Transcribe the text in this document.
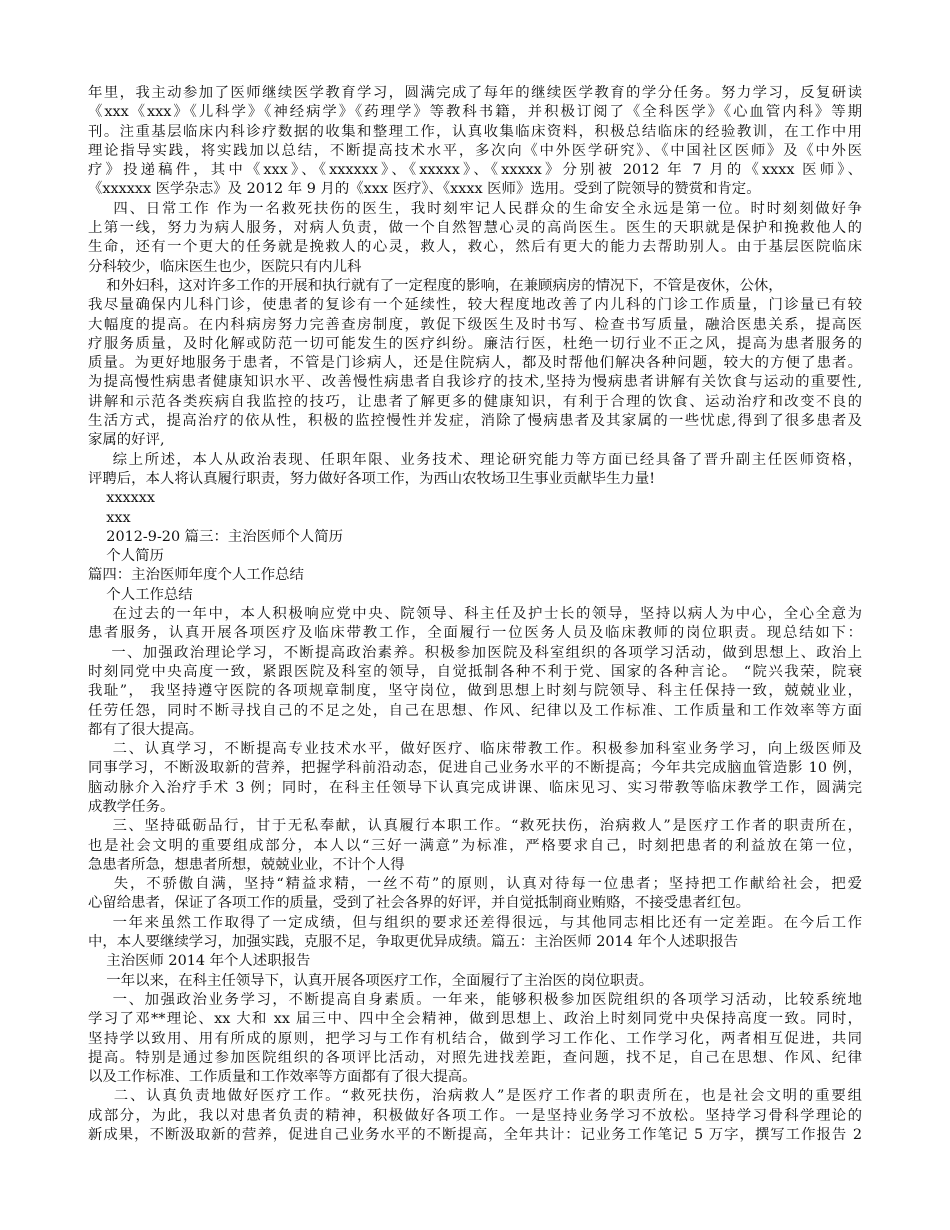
年里，我主动参加了医师继续医学教育学习，圆满完成了每年的继续医学教育的学分任务。努力学习，反复研读
《xxx《xxx》《儿科学》《神经病学》《药理学》等教科书籍，并积极订阅了《全科医学》《心血管内科》等期
刊。注重基层临床内科诊疗数据的收集和整理工作，认真收集临床资料，积极总结临床的经验教训，在工作中用
理论指导实践，将实践加以总结，不断提高技术水平，多次向《中外医学研究》、《中国社区医师》及《中外医
疗》投递稿件，其中《xxx》、《xxxxxx》、《xxxxx》、《xxxxx》分别被 2012 年 7 月的《xxxx 医师》、
《xxxxxx 医学杂志》及 2012 年 9 月的《xxx 医疗》、《xxxx 医师》选用。受到了院领导的赞赏和肯定。
四、日常工作 作为一名救死扶伤的医生，我时刻牢记人民群众的生命安全永远是第一位。时时刻刻做好争
上第一线，努力为病人服务，对病人负责，做一个自然智慧心灵的高尚医生。医生的天职就是保护和挽救他人的
生命，还有一个更大的任务就是挽救人的心灵，救人，救心，然后有更大的能力去帮助别人。由于基层医院临床
分科较少，临床医生也少，医院只有内儿科
和外妇科，这对许多工作的开展和执行就有了一定程度的影响，在兼顾病房的情况下，不管是夜休，公休，
我尽量确保内儿科门诊，使患者的复诊有一个延续性，较大程度地改善了内儿科的门诊工作质量，门诊量已有较
大幅度的提高。在内科病房努力完善查房制度，敦促下级医生及时书写、检查书写质量，融洽医患关系，提高医
疗服务质量，及时化解或防范一切可能发生的医疗纠纷。廉洁行医，杜绝一切行业不正之风，提高为患者服务的
质量。为更好地服务于患者，不管是门诊病人，还是住院病人，都及时帮他们解决各种问题，较大的方便了患者。
为提高慢性病患者健康知识水平、改善慢性病患者自我诊疗的技术,坚持为慢病患者讲解有关饮食与运动的重要性,
讲解和示范各类疾病自我监控的技巧，让患者了解更多的健康知识，有利于合理的饮食、运动治疗和改变不良的
生活方式，提高治疗的依从性，积极的监控慢性并发症，消除了慢病患者及其家属的一些忧虑,得到了很多患者及
家属的好评,
综上所述，本人从政治表现、任职年限、业务技术、理论研究能力等方面已经具备了晋升副主任医师资格，
评聘后，本人将认真履行职责，努力做好各项工作，为西山农牧场卫生事业贡献毕生力量!
xxxxxx
xxx
2012-9-20 篇三：主治医师个人简历
个人简历
篇四：主治医师年度个人工作总结
个人工作总结
在过去的一年中，本人积极响应党中央、院领导、科主任及护士长的领导，坚持以病人为中心，全心全意为
患者服务，认真开展各项医疗及临床带教工作，全面履行一位医务人员及临床教师的岗位职责。现总结如下：
一、加强政治理论学习，不断提高政治素养。积极参加医院及科室组织的各项学习活动，做到思想上、政治上
时刻同党中央高度一致，紧跟医院及科室的领导，自觉抵制各种不利于党、国家的各种言论。 “院兴我荣，院衰
我耻”， 我坚持遵守医院的各项规章制度，坚守岗位，做到思想上时刻与院领导、科主任保持一致，兢兢业业，
任劳任怨，同时不断寻找自己的不足之处，自己在思想、作风、纪律以及工作标准、工作质量和工作效率等方面
都有了很大提高。
二、认真学习，不断提高专业技术水平，做好医疗、临床带教工作。积极参加科室业务学习，向上级医师及
同事学习，不断汲取新的营养，把握学科前沿动态，促进自己业务水平的不断提高；今年共完成脑血管造影 10 例，
脑动脉介入治疗手术 3 例；同时，在科主任领导下认真完成讲课、临床见习、实习带教等临床教学工作，圆满完
成教学任务。
三、坚持砥砺品行，甘于无私奉献，认真履行本职工作。“救死扶伤，治病救人”是医疗工作者的职责所在，
也是社会文明的重要组成部分，本人以“三好一满意”为标准，严格要求自己，时刻把患者的利益放在第一位，
急患者所急，想患者所想，兢兢业业，不计个人得
失，不骄傲自满，坚持“精益求精，一丝不苟”的原则，认真对待每一位患者；坚持把工作献给社会，把爱
心留给患者，保证了各项工作的质量，受到了社会各界的好评，并自觉抵制商业贿赂，不接受患者红包。
一年来虽然工作取得了一定成绩，但与组织的要求还差得很远，与其他同志相比还有一定差距。在今后工作
中，本人要继续学习，加强实践，克服不足，争取更优异成绩。篇五：主治医师 2014 年个人述职报告
主治医师 2014 年个人述职报告
一年以来，在科主任领导下，认真开展各项医疗工作，全面履行了主治医的岗位职责。
一、加强政治业务学习，不断提高自身素质。一年来，能够积极参加医院组织的各项学习活动，比较系统地
学习了邓**理论、xx 大和 xx 届三中、四中全会精神，做到思想上、政治上时刻同党中央保持高度一致。同时，
坚持学以致用、用有所成的原则，把学习与工作有机结合，做到学习工作化、工作学习化，两者相互促进，共同
提高。特别是通过参加医院组织的各项评比活动，对照先进找差距，查问题，找不足，自己在思想、作风、纪律
以及工作标准、工作质量和工作效率等方面都有了很大提高。
二、认真负责地做好医疗工作。“救死扶伤，治病救人”是医疗工作者的职责所在，也是社会文明的重要组
成部分，为此，我以对患者负责的精神，积极做好各项工作。一是坚持业务学习不放松。坚持学习骨科学理论的
新成果，不断汲取新的营养，促进自己业务水平的不断提高，全年共计：记业务工作笔记 5 万字，撰写工作报告 2
